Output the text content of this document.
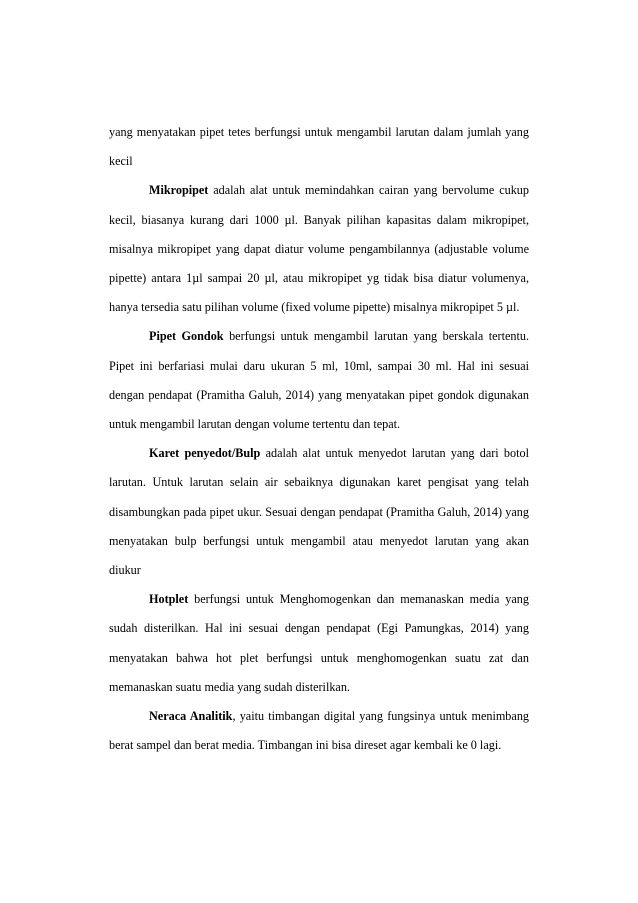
yang menyatakan pipet tetes berfungsi untuk mengambil larutan dalam jumlah yang kecil

Mikropipet adalah alat untuk memindahkan cairan yang bervolume cukup kecil, biasanya kurang dari 1000 µl. Banyak pilihan kapasitas dalam mikropipet, misalnya mikropipet yang dapat diatur volume pengambilannya (adjustable volume pipette) antara 1µl sampai 20 µl, atau mikropipet yg tidak bisa diatur volumenya, hanya tersedia satu pilihan volume (fixed volume pipette) misalnya mikropipet 5 µl.

Pipet Gondok berfungsi untuk mengambil larutan yang berskala tertentu. Pipet ini berfariasi mulai daru ukuran 5 ml, 10ml, sampai 30 ml. Hal ini sesuai dengan pendapat (Pramitha Galuh, 2014) yang menyatakan pipet gondok digunakan untuk mengambil larutan dengan volume tertentu dan tepat.

Karet penyedot/Bulp adalah alat untuk menyedot larutan yang dari botol larutan. Untuk larutan selain air sebaiknya digunakan karet pengisat yang telah disambungkan pada pipet ukur. Sesuai dengan pendapat (Pramitha Galuh, 2014) yang menyatakan bulp berfungsi untuk mengambil atau menyedot larutan yang akan diukur

Hotplet berfungsi untuk Menghomogenkan dan memanaskan media yang sudah disterilkan. Hal ini sesuai dengan pendapat (Egi Pamungkas, 2014) yang menyatakan bahwa hot plet berfungsi untuk menghomogenkan suatu zat dan memanaskan suatu media yang sudah disterilkan.

Neraca Analitik, yaitu timbangan digital yang fungsinya untuk menimbang berat sampel dan berat media. Timbangan ini bisa direset agar kembali ke 0 lagi.
